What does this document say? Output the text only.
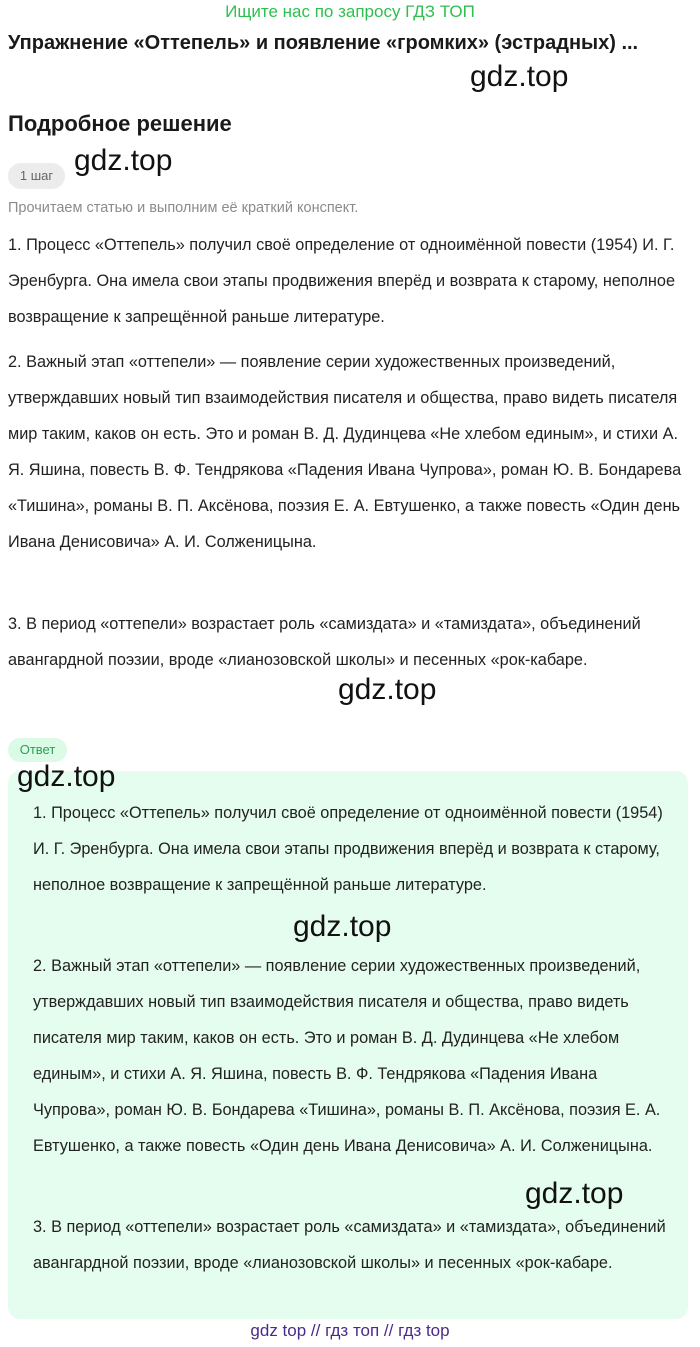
Ищите нас по запросу ГДЗ ТОП
Упражнение «Оттепель» и появление «громких» (эстрадных) ...
gdz.top
Подробное решение
1 шаг gdz.top
Прочитаем статью и выполним её краткий конспект.

1. Процесс «Оттепель» получил своё определение от одноимённой повести (1954) И. Г. Эренбурга. Она имела свои этапы продвижения вперёд и возврата к старому, неполное возвращение к запрещённой раньше литературе.

2. Важный этап «оттепели» — появление серии художественных произведений, утверждавших новый тип взаимодействия писателя и общества, право видеть писателя мир таким, каков он есть. Это и роман В. Д. Дудинцева «Не хлебом единым», и стихи А. Я. Яшина, повесть В. Ф. Тендрякова «Падения Ивана Чупрова», роман Ю. В. Бондарева «Тишина», романы В. П. Аксёнова, поэзия Е. А. Евтушенко, а также повесть «Один день Ивана Денисовича» А. И. Солженицына.

3. В период «оттепели» возрастает роль «самиздата» и «тамиздата», объединений авангардной поэзии, вроде «лианозовской школы» и песенных «рок-кабаре.

gdz.top
Ответ
gdz.top

1. Процесс «Оттепель» получил своё определение от одноимённой повести (1954) И. Г. Эренбурга. Она имела свои этапы продвижения вперёд и возврата к старому, неполное возвращение к запрещённой раньше литературе.

gdz.top

2. Важный этап «оттепели» — появление серии художественных произведений, утверждавших новый тип взаимодействия писателя и общества, право видеть писателя мир таким, каков он есть. Это и роман В. Д. Дудинцева «Не хлебом единым», и стихи А. Я. Яшина, повесть В. Ф. Тендрякова «Падения Ивана Чупрова», роман Ю. В. Бондарева «Тишина», романы В. П. Аксёнова, поэзия Е. А. Евтушенко, а также повесть «Один день Ивана Денисовича» А. И. Солженицына.

gdz.top

3. В период «оттепели» возрастает роль «самиздата» и «тамиздата», объединений авангардной поэзии, вроде «лианозовской школы» и песенных «рок-кабаре.

gdz top // гдз топ // гдз top
